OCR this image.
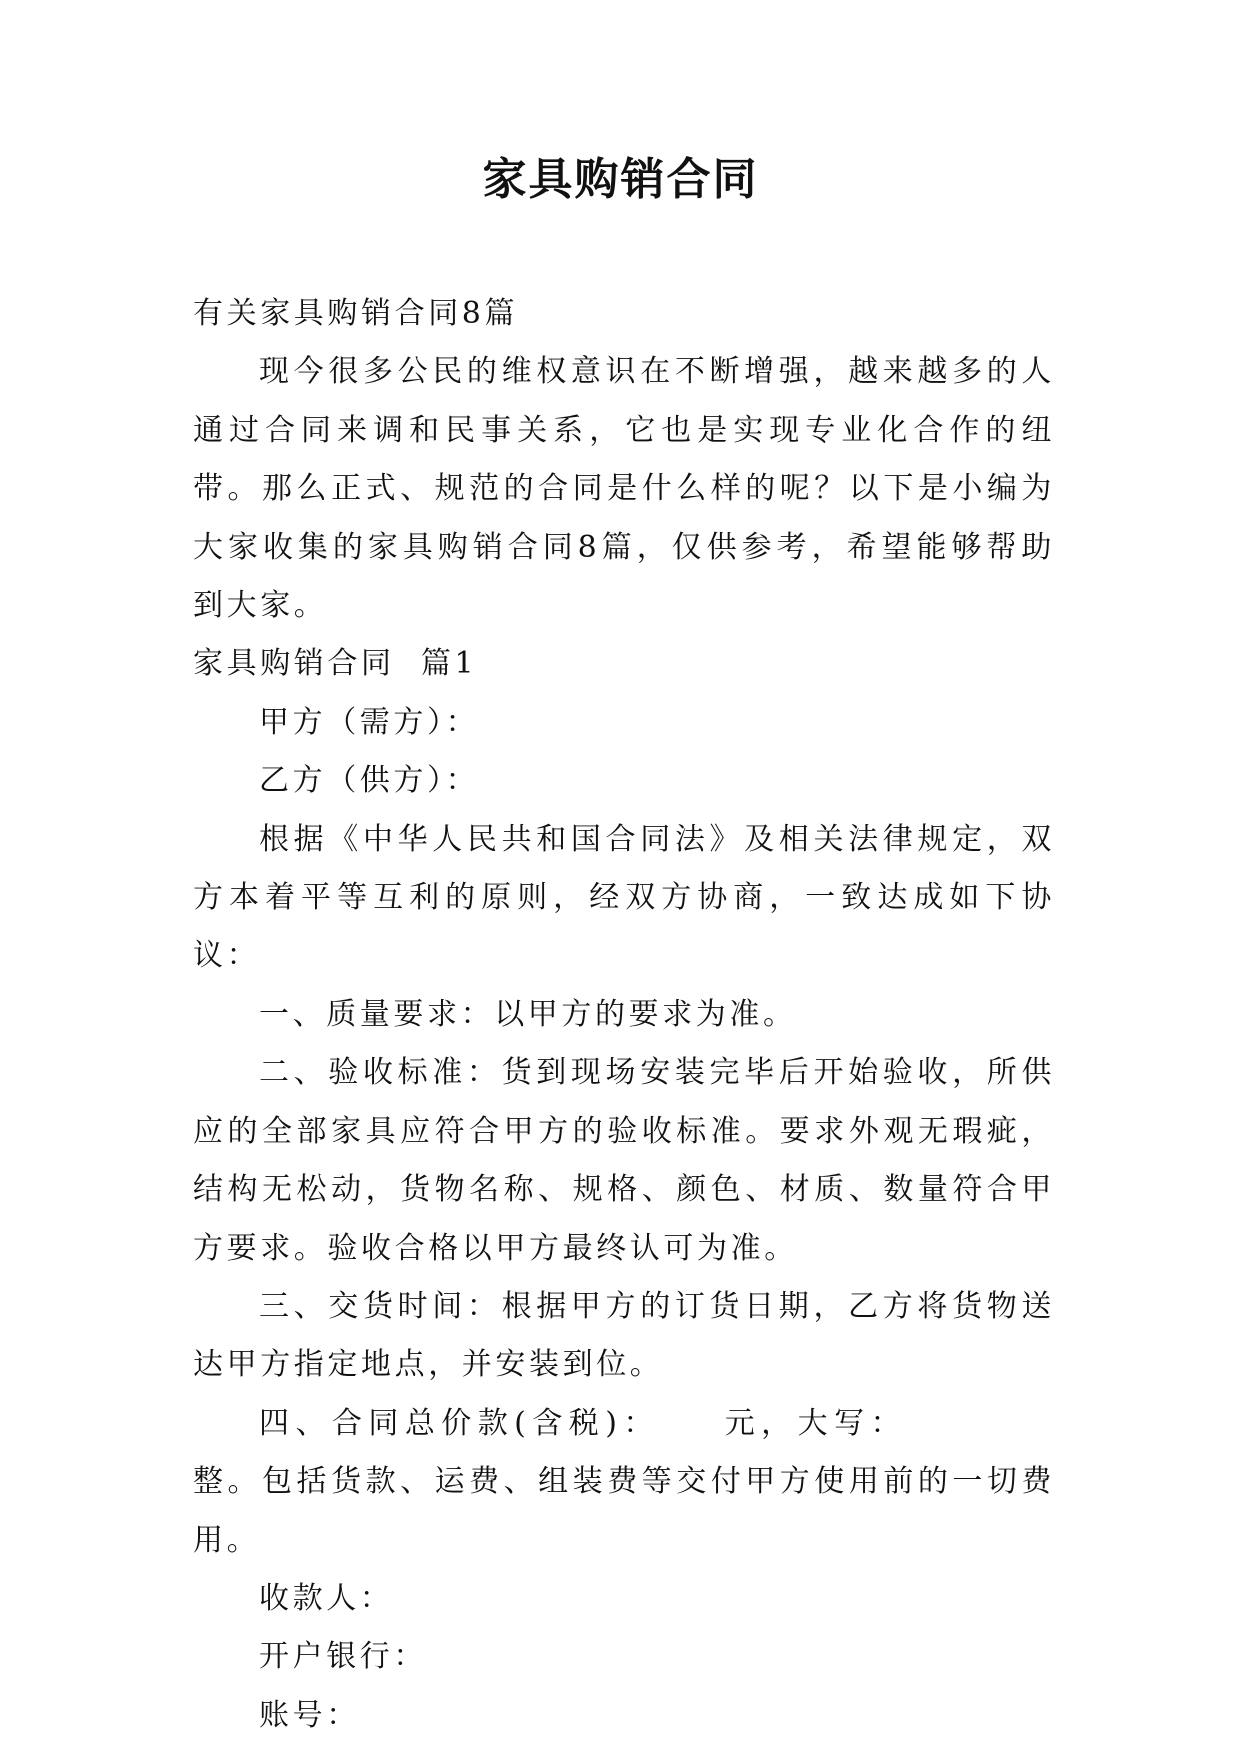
家具购销合同

有关家具购销合同8篇

现今很多公民的维权意识在不断增强，越来越多的人通过合同来调和民事关系，它也是实现专业化合作的纽带。那么正式、规范的合同是什么样的呢？以下是小编为大家收集的家具购销合同8篇，仅供参考，希望能够帮助到大家。

家具购销合同  篇1

甲方（需方）：

乙方（供方）：

根据《中华人民共和国合同法》及相关法律规定，双方本着平等互利的原则，经双方协商，一致达成如下协议：

一、质量要求：以甲方的要求为准。

二、验收标准：货到现场安装完毕后开始验收，所供应的全部家具应符合甲方的验收标准。要求外观无瑕疵，结构无松动，货物名称、规格、颜色、材质、数量符合甲方要求。验收合格以甲方最终认可为准。

三、交货时间：根据甲方的订货日期，乙方将货物送达甲方指定地点，并安装到位。

四、合同总价款(含税)： 元，大写：整。包括货款、运费、组装费等交付甲方使用前的一切费用。

收款人：

开户银行：

账号：
